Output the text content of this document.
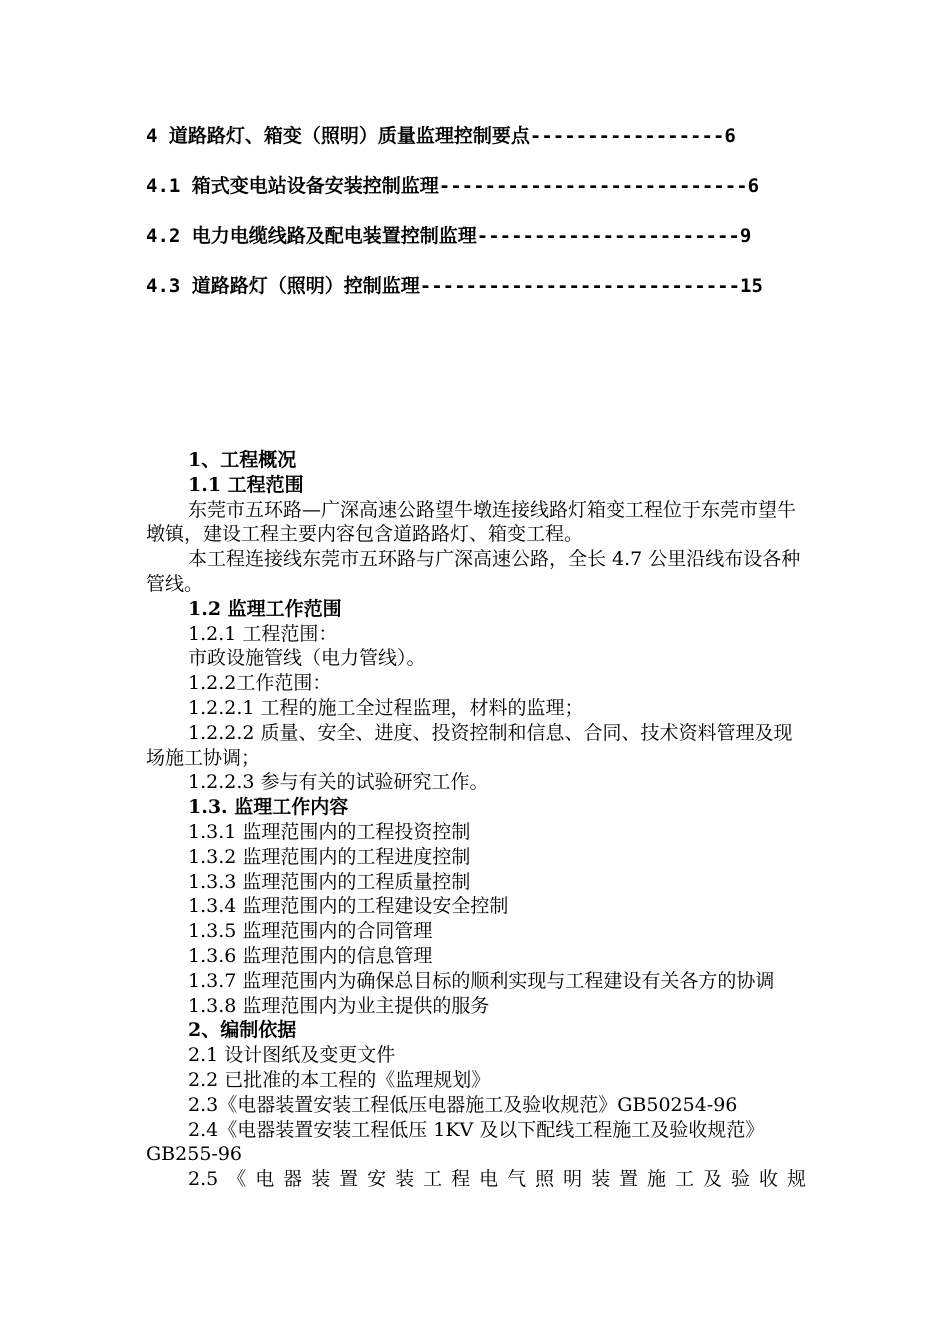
4 道路路灯、箱变（照明）质量监理控制要点-----------------6
4.1 箱式变电站设备安装控制监理---------------------------6
4.2 电力电缆线路及配电装置控制监理-----------------------9
4.3 道路路灯（照明）控制监理----------------------------15

1、工程概况

1.1 工程范围

东莞市五环路—广深高速公路望牛墩连接线路灯箱变工程位于东莞市望牛墩镇，建设工程主要内容包含道路路灯、箱变工程。

本工程连接线东莞市五环路与广深高速公路，全长 4.7 公里沿线布设各种管线。

1.2 监理工作范围

1.2.1 工程范围：

市政设施管线（电力管线）。

1.2.2工作范围：

1.2.2.1 工程的施工全过程监理，材料的监理；

1.2.2.2 质量、安全、进度、投资控制和信息、合同、技术资料管理及现场施工协调；

1.2.2.3 参与有关的试验研究工作。

1.3. 监理工作内容

1.3.1 监理范围内的工程投资控制

1.3.2 监理范围内的工程进度控制

1.3.3 监理范围内的工程质量控制

1.3.4 监理范围内的工程建设安全控制

1.3.5 监理范围内的合同管理

1.3.6 监理范围内的信息管理

1.3.7 监理范围内为确保总目标的顺利实现与工程建设有关各方的协调

1.3.8 监理范围内为业主提供的服务

2、编制依据

2.1 设计图纸及变更文件

2.2 已批准的本工程的《监理规划》

2.3《电器装置安装工程低压电器施工及验收规范》GB50254-96

2.4《电器装置安装工程低压 1KV 及以下配线工程施工及验收规范》 GB255-96

2.5《电器装置安装工程电气照明装置施工及验收规
